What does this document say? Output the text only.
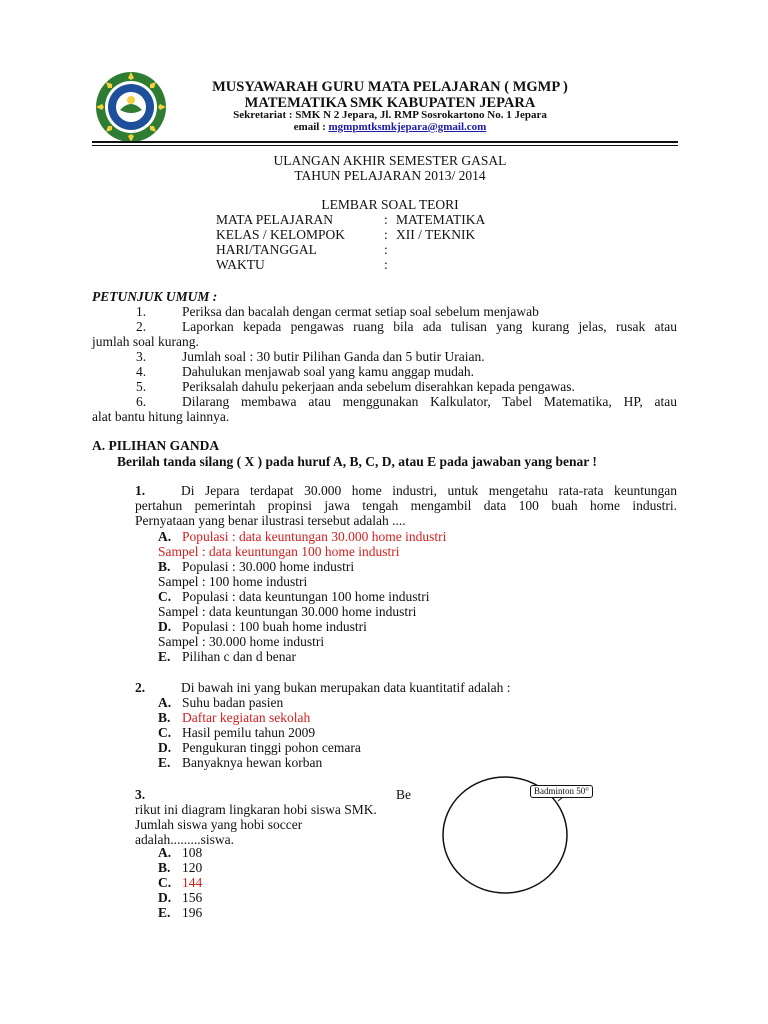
MUSYAWARAH GURU MATA PELAJARAN ( MGMP )
MATEMATIKA SMK KABUPATEN JEPARA
Sekretariat : SMK N 2 Jepara, Jl. RMP Sosrokartono No. 1 Jepara
email : mgmpmtksmkjepara@gmail.com
ULANGAN AKHIR SEMESTER GASAL
TAHUN PELAJARAN 2013/ 2014
LEMBAR SOAL TEORI
MATA PELAJARAN	: MATEMATIKA
KELAS / KELOMPOK	: XII / TEKNIK
HARI/TANGGAL	:
WAKTU	:
PETUNJUK UMUM :
1.	Periksa dan bacalah dengan cermat setiap soal sebelum menjawab
2.	Laporkan kepada pengawas ruang bila ada tulisan yang kurang jelas, rusak atau
jumlah soal kurang.
3.	Jumlah soal : 30 butir Pilihan Ganda dan 5 butir Uraian.
4.	Dahulukan menjawab soal yang kamu anggap mudah.
5.	Periksalah dahulu pekerjaan anda sebelum diserahkan kepada pengawas.
6.	Dilarang membawa atau menggunakan Kalkulator, Tabel Matematika, HP, atau
alat bantu hitung lainnya.
A. PILIHAN GANDA
Berilah tanda silang ( X ) pada huruf A, B, C, D, atau E pada jawaban yang benar !
1.	Di Jepara terdapat 30.000 home industri, untuk mengetahu rata-rata keuntungan
pertahun pemerintah propinsi jawa tengah mengambil data 100 buah home industri.
Pernyataan yang benar ilustrasi tersebut adalah ....
A. Populasi : data keuntungan 30.000 home industri
Sampel : data keuntungan 100 home industri
B. Populasi : 30.000 home industri
Sampel : 100 home industri
C. Populasi : data keuntungan 100 home industri
Sampel : data keuntungan 30.000 home industri
D. Populasi : 100 buah home industri
Sampel : 30.000 home industri
E. Pilihan c dan d benar
2.	Di bawah ini yang bukan merupakan data kuantitatif adalah :
A. Suhu badan pasien
B. Daftar kegiatan sekolah
C. Hasil pemilu tahun 2009
D. Pengukuran tinggi pohon cemara
E. Banyaknya hewan korban
3.	Be
rikut ini diagram lingkaran hobi siswa SMK.
Jumlah siswa yang hobi soccer
adalah.........siswa.
A. 108
B. 120
C. 144
D. 156
E. 196
Badminton 50°
